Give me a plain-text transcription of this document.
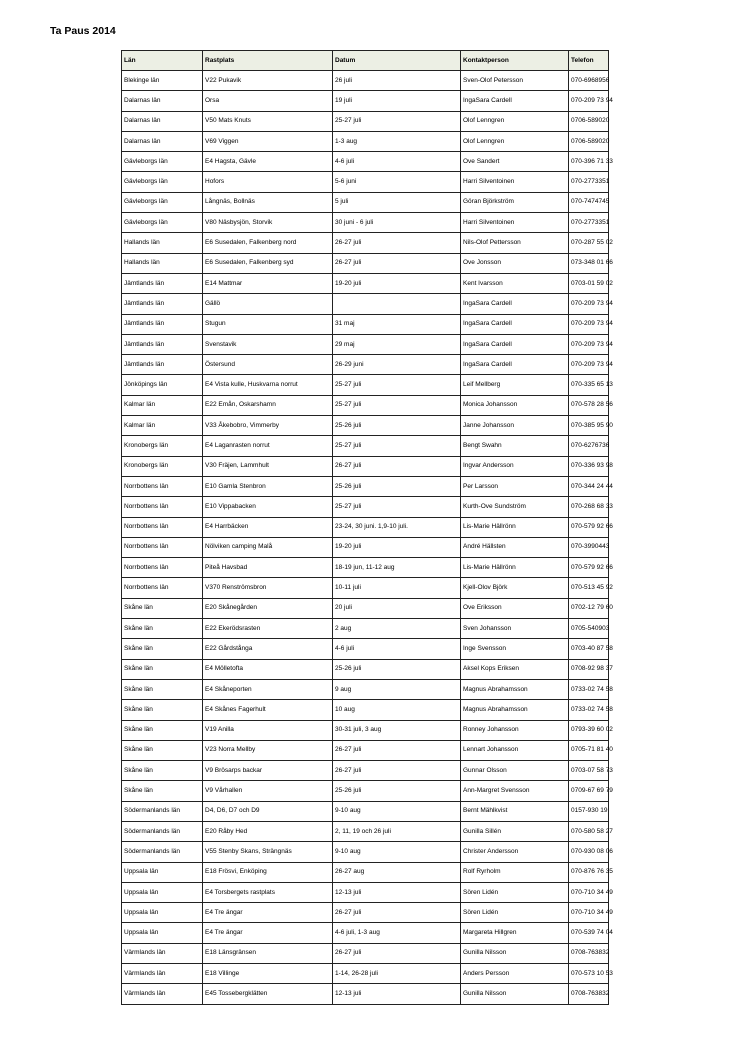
Ta Paus 2014
Län	Rastplats	Datum	Kontaktperson	Telefon
Blekinge län	V22 Pukavik	26 juli	Sven-Olof Petersson	070-6968956
Dalarnas län	Orsa	19 juli	IngaSara Cardell	070-209 73 94
Dalarnas län	V50 Mats Knuts	25-27 juli	Olof Lenngren	0706-589020
Dalarnas län	V69 Viggen	1-3 aug	Olof Lenngren	0706-589020
Gävleborgs län	E4 Hagsta, Gävle	4-6 juli	Ove Sandert	070-396 71 33
Gävleborgs län	Hofors	5-6 juni	Harri Silventoinen	070-2773351
Gävleborgs län	Långnäs, Bollnäs	5 juli	Göran Björkström	070-7474745
Gävleborgs län	V80 Näsbysjön, Storvik	30 juni - 6 juli	Harri Silventoinen	070-2773351
Hallands län	E6 Susedalen, Falkenberg nord	26-27 juli	Nils-Olof Pettersson	070-287 55 02
Hallands län	E6 Susedalen, Falkenberg syd	26-27 juli	Ove Jonsson	073-348 01 66
Jämtlands län	E14 Mattmar	19-20 juli	Kent Ivarsson	0703-01 59 02
Jämtlands län	Gällö		IngaSara Cardell	070-209 73 94
Jämtlands län	Stugun	31 maj	IngaSara Cardell	070-209 73 94
Jämtlands län	Svenstavik	29 maj	IngaSara Cardell	070-209 73 94
Jämtlands län	Östersund	26-29 juni	IngaSara Cardell	070-209 73 94
Jönköpings län	E4 Vista kulle, Huskvarna norrut	25-27 juli	Leif Mellberg	070-335 65 13
Kalmar län	E22 Emån, Oskarshamn	25-27 juli	Monica Johansson	070-578 28 56
Kalmar län	V33 Åkebobro, Vimmerby	25-26 juli	Janne Johansson	070-385 95 90
Kronobergs län	E4 Laganrasten norrut	25-27 juli	Bengt Swahn	070-6276736
Kronobergs län	V30 Fräjen, Lammhult	26-27 juli	Ingvar Andersson	070-336 93 98
Norrbottens län	E10 Gamla Stenbron	25-26 juli	Per Larsson	070-344 24 44
Norrbottens län	E10 Vippabacken	25-27 juli	Kurth-Ove Sundström	070-268 68 33
Norrbottens län	E4 Harrbäcken	23-24, 30 juni. 1,9-10 juli.	Lis-Marie Hällrönn	070-579 92 66
Norrbottens län	Nölviken camping Malå	19-20 juli	André Hällsten	070-3990443
Norrbottens län	Piteå Havsbad	18-19 jun, 11-12 aug	Lis-Marie Hällrönn	070-579 92 66
Norrbottens län	V370 Renströmsbron	10-11 juli	Kjell-Olov Björk	070-513 45 92
Skåne län	E20 Skånegården	20 juli	Ove Eriksson	0702-12 79 60
Skåne län	E22 Ekerödsrasten	2 aug	Sven Johansson	0705-540903
Skåne län	E22 Gårdstånga	4-6 juli	Inge Svensson	0703-40 87 58
Skåne län	E4 Mölletofta	25-26 juli	Aksel Kops Eriksen	0708-92 98 37
Skåne län	E4 Skåneporten	9 aug	Magnus Abrahamsson	0733-02 74 58
Skåne län	E4 Skånes Fagerhult	10 aug	Magnus Abrahamsson	0733-02 74 58
Skåne län	V19 Anilla	30-31 juli, 3 aug	Ronney Johansson	0793-39 60 02
Skåne län	V23 Norra Mellby	26-27 juli	Lennart Johansson	0705-71 81 40
Skåne län	V9 Brösarps backar	26-27 juli	Gunnar Olsson	0703-07 58 73
Skåne län	V9 Vårhallen	25-26 juli	Ann-Margret Svensson	0709-67 69 79
Södermanlands län	D4, D6, D7 och D9	9-10 aug	Bernt Mählkvist	0157-930 19
Södermanlands län	E20 Råby Hed	2, 11, 19 och 26 juli	Gunilla Sillén	070-580 58 27
Södermanlands län	V55 Stenby Skans, Strängnäs	9-10 aug	Christer Andersson	070-930 08 06
Uppsala län	E18 Frösvi, Enköping	26-27 aug	Rolf Ryrholm	070-876 76 35
Uppsala län	E4 Torsbergets rastplats	12-13 juli	Sören Lidén	070-710 34 49
Uppsala län	E4 Tre ängar	26-27 juli	Sören Lidén	070-710 34 49
Uppsala län	E4 Tre ängar	4-6 juli, 1-3 aug	Margareta Hillgren	070-539 74 04
Värmlands län	E18 Länsgränsen	26-27 juli	Gunilla Nilsson	0708-763832
Värmlands län	E18 Villinge	1-14, 26-28 juli	Anders Persson	070-573 10 53
Värmlands län	E45 Tossebergklätten	12-13 juli	Gunilla Nilsson	0708-763832
